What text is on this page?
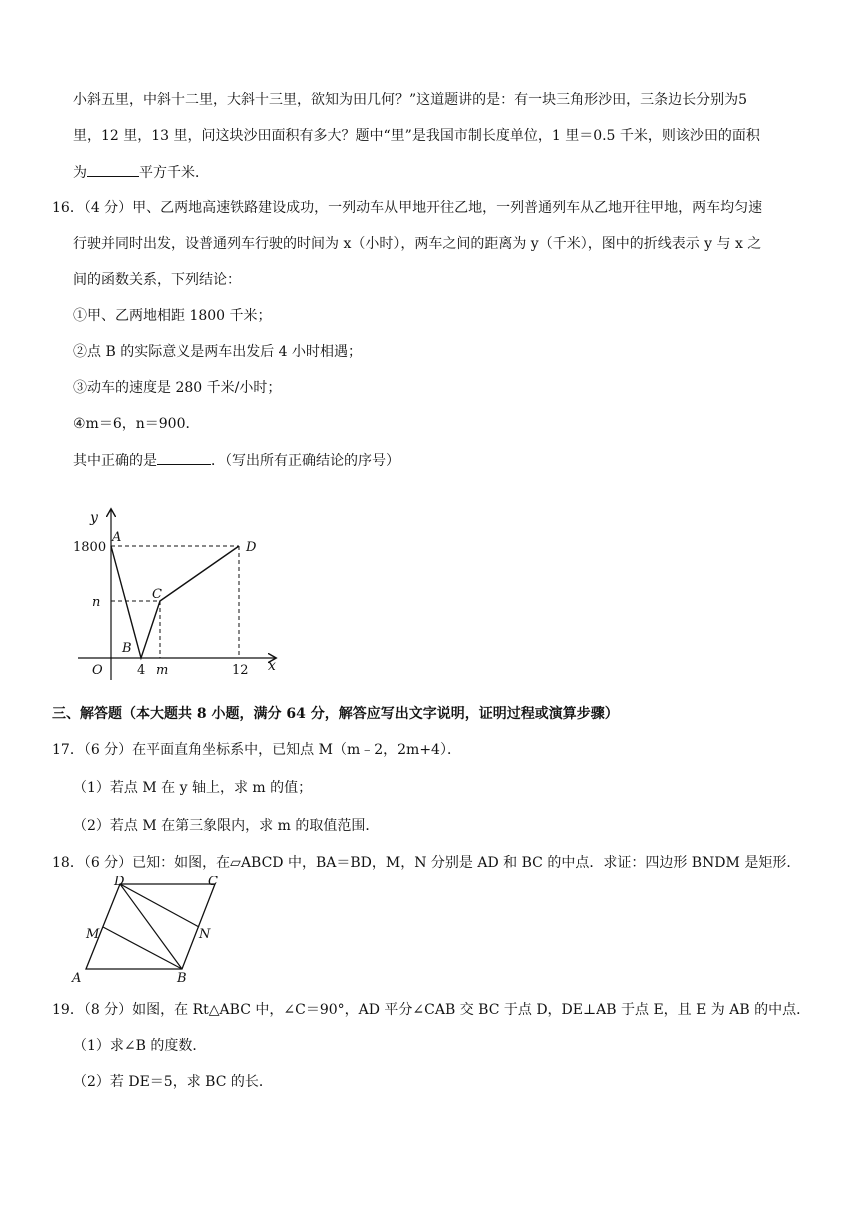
小斜五里，中斜十二里，大斜十三里，欲知为田几何？”这道题讲的是：有一块三角形沙田，三条边长分别为5
里，12 里，13 里，问这块沙田面积有多大？题中“里”是我国市制长度单位，1 里＝0.5 千米，则该沙田的面积
为	平方千米．
16．（4 分）甲、乙两地高速铁路建设成功，一列动车从甲地开往乙地，一列普通列车从乙地开往甲地，两车均匀速
行驶并同时出发，设普通列车行驶的时间为 x（小时），两车之间的距离为 y（千米），图中的折线表示 y 与 x 之
间的函数关系，下列结论：
①甲、乙两地相距 1800 千米；
②点 B 的实际意义是两车出发后 4 小时相遇；
③动车的速度是 280 千米/小时；
④m＝6，n＝900．
其中正确的是	．（写出所有正确结论的序号）
y
x
O
1800
n
4 m	12
A
B
C
D
三、解答题（本大题共 8 小题，满分 64 分，解答应写出文字说明，证明过程或演算步骤）
17．（6 分）在平面直角坐标系中，已知点 M（m﹣2，2m+4）．
（1）若点 M 在 y 轴上，求 m 的值；
（2）若点 M 在第三象限内，求 m 的取值范围．
18．（6 分）已知：如图，在▱ABCD 中，BA＝BD，M，N 分别是 AD 和 BC 的中点．求证：四边形 BNDM 是矩形．
A	B
C
D
M	N
19．（8 分）如图，在 Rt△ABC 中，∠C＝90°，AD 平分∠CAB 交 BC 于点 D，DE⊥AB 于点 E，且 E 为 AB 的中点．
（1）求∠B 的度数．
（2）若 DE＝5，求 BC 的长．
